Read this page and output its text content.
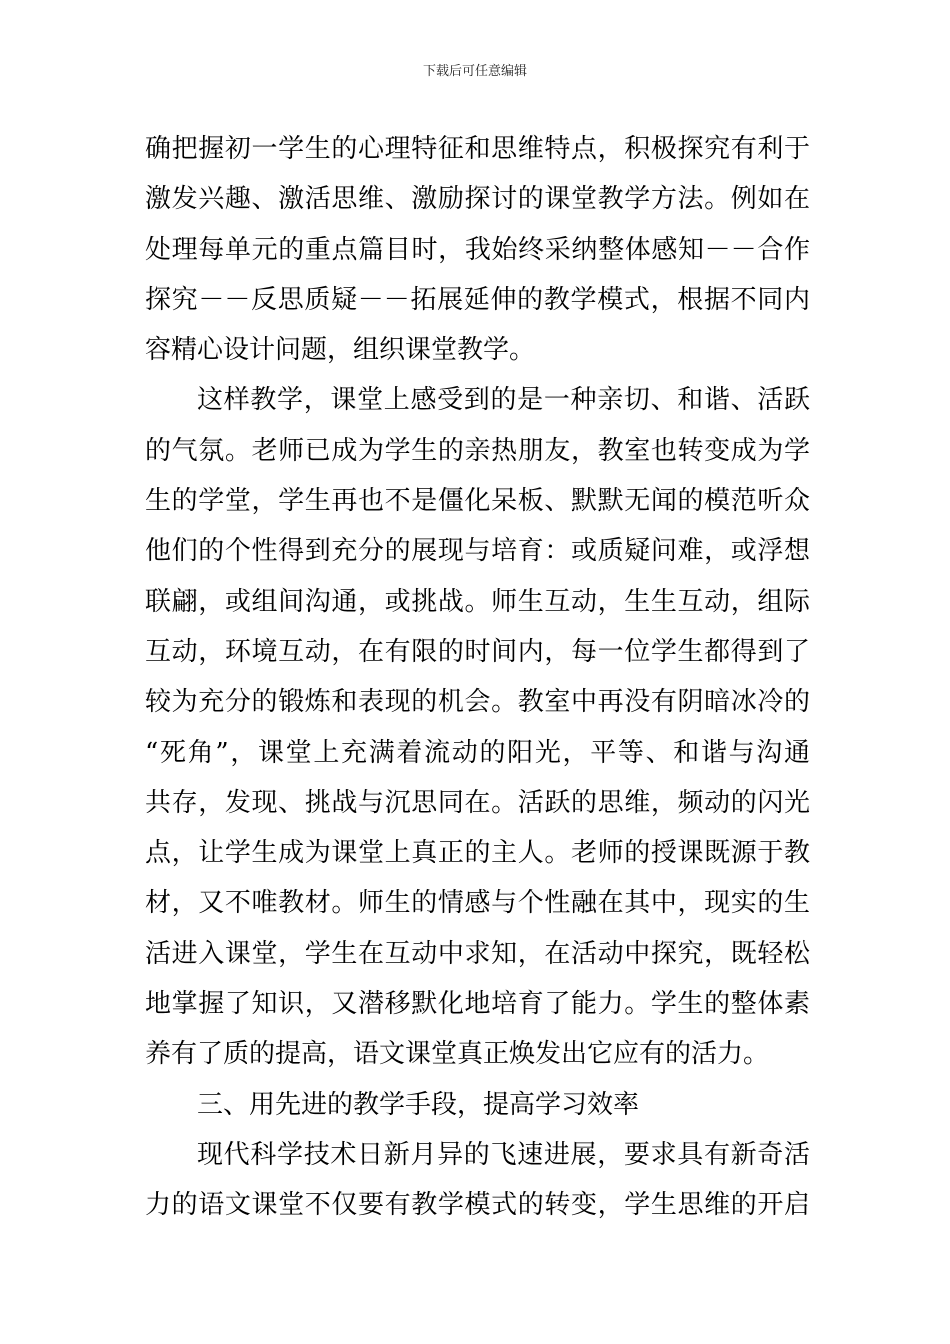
下载后可任意编辑
确把握初一学生的心理特征和思维特点，积极探究有利于
激发兴趣、激活思维、激励探讨的课堂教学方法。例如在
处理每单元的重点篇目时，我始终采纳整体感知－－合作
探究－－反思质疑－－拓展延伸的教学模式，根据不同内
容精心设计问题，组织课堂教学。
这样教学，课堂上感受到的是一种亲切、和谐、活跃
的气氛。老师已成为学生的亲热朋友，教室也转变成为学
生的学堂，学生再也不是僵化呆板、默默无闻的模范听众
他们的个性得到充分的展现与培育：或质疑问难，或浮想
联翩，或组间沟通，或挑战。师生互动，生生互动，组际
互动，环境互动，在有限的时间内，每一位学生都得到了
较为充分的锻炼和表现的机会。教室中再没有阴暗冰冷的
“死角”，课堂上充满着流动的阳光，平等、和谐与沟通
共存，发现、挑战与沉思同在。活跃的思维，频动的闪光
点，让学生成为课堂上真正的主人。老师的授课既源于教
材，又不唯教材。师生的情感与个性融在其中，现实的生
活进入课堂，学生在互动中求知，在活动中探究，既轻松
地掌握了知识，又潜移默化地培育了能力。学生的整体素
养有了质的提高，语文课堂真正焕发出它应有的活力。
三、用先进的教学手段，提高学习效率
现代科学技术日新月异的飞速进展，要求具有新奇活
力的语文课堂不仅要有教学模式的转变，学生思维的开启
